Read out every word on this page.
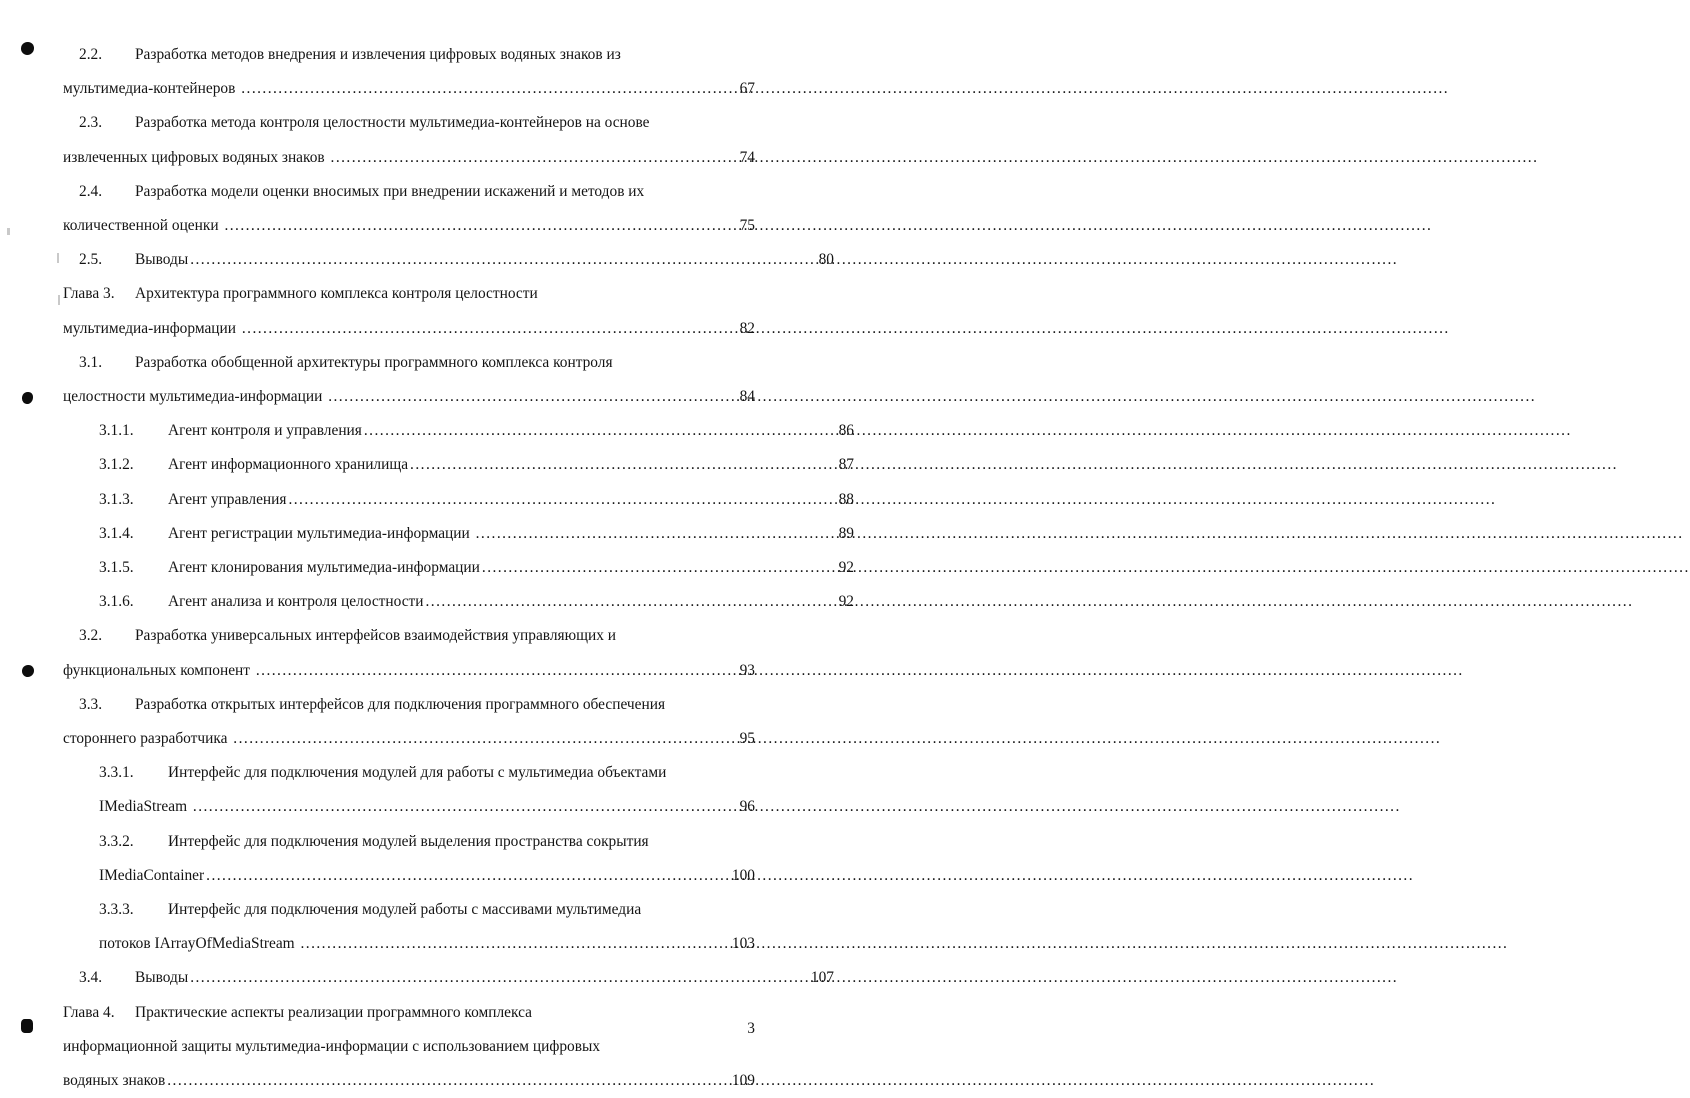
2.2.	Разработка методов внедрения и извлечения цифровых водяных знаков из
мультимедиа-контейнеров .....	67
2.3.	Разработка метода контроля целостности мультимедиа-контейнеров на основе
извлеченных цифровых водяных знаков .....	74
2.4.	Разработка модели оценки вносимых при внедрении искажений и методов их
количественной оценки .....	75
2.5.	Выводы .....	80
Глава 3.	Архитектура программного комплекса контроля целостности
мультимедиа-информации .....	82
3.1.	Разработка обобщенной архитектуры программного комплекса контроля
целостности мультимедиа-информации .....	84
3.1.1.	Агент контроля и управления .....	86
3.1.2.	Агент информационного хранилища .....	87
3.1.3.	Агент управления .....	88
3.1.4.	Агент регистрации мультимедиа-информации .....	89
3.1.5.	Агент клонирования мультимедиа-информации .....	92
3.1.6.	Агент анализа и контроля целостности .....	92
3.2.	Разработка универсальных интерфейсов взаимодействия управляющих и
функциональных компонент .....	93
3.3.	Разработка открытых интерфейсов для подключения программного обеспечения
стороннего разработчика .....	95
3.3.1.	Интерфейс для подключения модулей для работы с мультимедиа объектами
IMediaStream .....	96
3.3.2.	Интерфейс для подключения модулей выделения пространства сокрытия
IMediaContainer .....	100
3.3.3.	Интерфейс для подключения модулей работы с массивами мультимедиа
потоков IArrayOfMediaStream .....	103
3.4.	Выводы .....	107
Глава 4.	Практические аспекты реализации программного комплекса
информационной защиты мультимедиа-информации с использованием цифровых
водяных знаков .....	109
3
